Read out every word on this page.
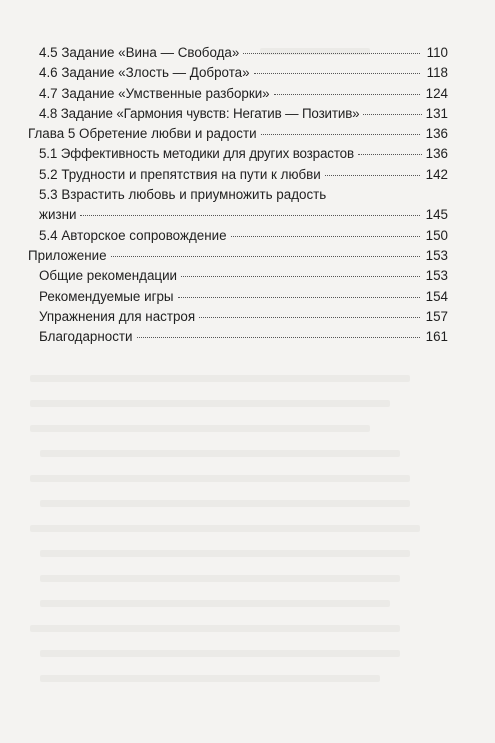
4.5 Задание «Вина — Свобода»	110
4.6 Задание «Злость — Доброта»	118
4.7 Задание «Умственные разборки»	124
4.8 Задание «Гармония чувств: Негатив — Позитив»	131
Глава 5 Обретение любви и радости	136
5.1 Эффективность методики для других возрастов	136
5.2 Трудности и препятствия на пути к любви	142
5.3 Взрастить любовь и приумножить радость
жизни	145
5.4 Авторское сопровождение	150
Приложение	153
Общие рекомендации	153
Рекомендуемые игры	154
Упражнения для настроя	157
Благодарности	161
